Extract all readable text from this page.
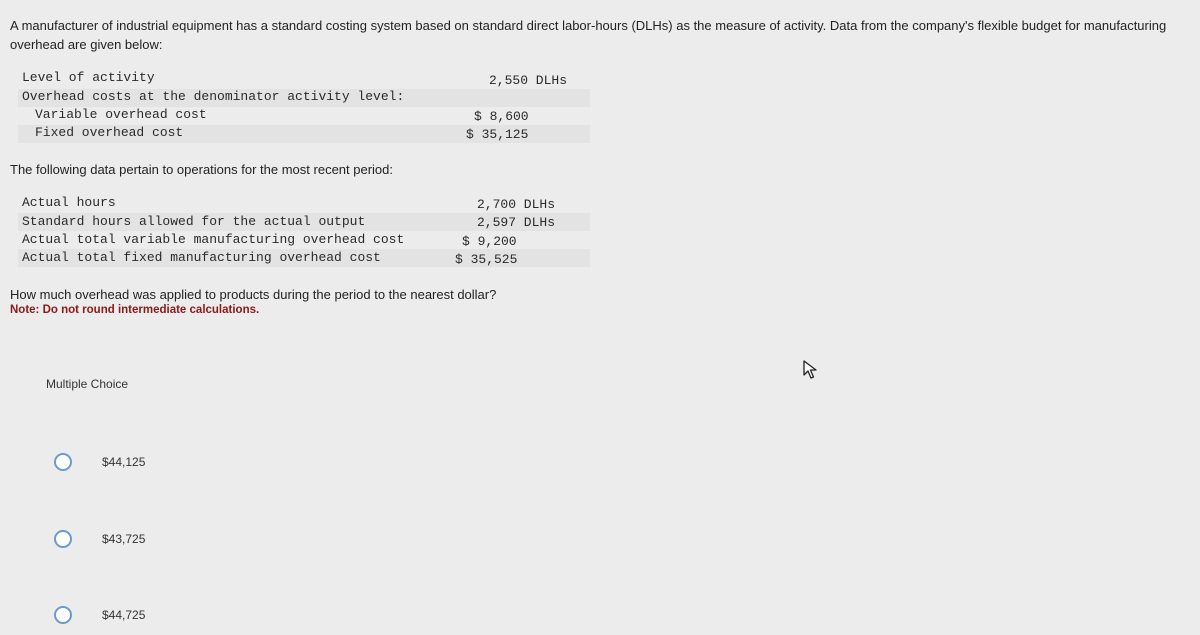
A manufacturer of industrial equipment has a standard costing system based on standard direct labor-hours (DLHs) as the measure of activity. Data from the company's flexible budget for manufacturing
overhead are given below:
Level of activity	2,550 DLHs
Overhead costs at the denominator activity level:
Variable overhead cost	$ 8,600
Fixed overhead cost	$ 35,125
The following data pertain to operations for the most recent period:
Actual hours	2,700 DLHs
Standard hours allowed for the actual output	2,597 DLHs
Actual total variable manufacturing overhead cost	$ 9,200
Actual total fixed manufacturing overhead cost	$ 35,525
How much overhead was applied to products during the period to the nearest dollar?
Note: Do not round intermediate calculations.
Multiple Choice
$44,125
$43,725
$44,725
